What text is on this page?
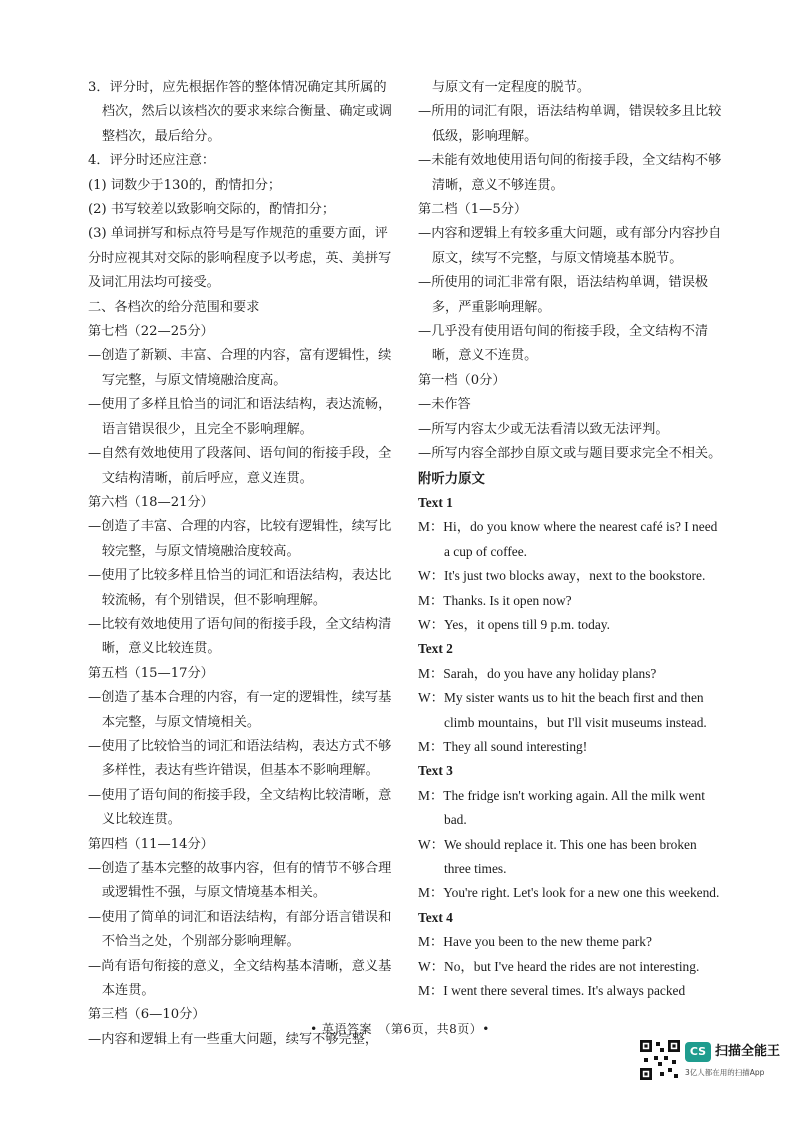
3．评分时，应先根据作答的整体情况确定其所属的档次，然后以该档次的要求来综合衡量、确定或调整档次，最后给分。

4．评分时还应注意：

(1) 词数少于130的，酌情扣分；

(2) 书写较差以致影响交际的，酌情扣分；

(3) 单词拼写和标点符号是写作规范的重要方面，评分时应视其对交际的影响程度予以考虑，英、美拼写及词汇用法均可接受。

二、各档次的给分范围和要求

第七档（22—25分）

—创造了新颖、丰富、合理的内容，富有逻辑性，续写完整，与原文情境融洽度高。

—使用了多样且恰当的词汇和语法结构，表达流畅，语言错误很少，且完全不影响理解。

—自然有效地使用了段落间、语句间的衔接手段，全文结构清晰，前后呼应，意义连贯。

第六档（18—21分）

—创造了丰富、合理的内容，比较有逻辑性，续写比较完整，与原文情境融洽度较高。

—使用了比较多样且恰当的词汇和语法结构，表达比较流畅，有个别错误，但不影响理解。

—比较有效地使用了语句间的衔接手段，全文结构清晰，意义比较连贯。

第五档（15—17分）

—创造了基本合理的内容，有一定的逻辑性，续写基本完整，与原文情境相关。

—使用了比较恰当的词汇和语法结构，表达方式不够多样性，表达有些许错误，但基本不影响理解。

—使用了语句间的衔接手段，全文结构比较清晰，意义比较连贯。

第四档（11—14分）

—创造了基本完整的故事内容，但有的情节不够合理或逻辑性不强，与原文情境基本相关。

—使用了简单的词汇和语法结构，有部分语言错误和不恰当之处，个别部分影响理解。

—尚有语句衔接的意义，全文结构基本清晰，意义基本连贯。

第三档（6—10分）

—内容和逻辑上有一些重大问题，续写不够完整，

与原文有一定程度的脱节。

—所用的词汇有限，语法结构单调，错误较多且比较低级，影响理解。

—未能有效地使用语句间的衔接手段，全文结构不够清晰，意义不够连贯。

第二档（1—5分）

—内容和逻辑上有较多重大问题，或有部分内容抄自原文，续写不完整，与原文情境基本脱节。

—所使用的词汇非常有限，语法结构单调，错误极多，严重影响理解。

—几乎没有使用语句间的衔接手段，全文结构不清晰，意义不连贯。

第一档（0分）

—未作答

—所写内容太少或无法看清以致无法评判。

—所写内容全部抄自原文或与题目要求完全不相关。

附听力原文

Text 1

M：Hi，do you know where the nearest café is? I need a cup of coffee.

W：It's just two blocks away，next to the bookstore.

M：Thanks. Is it open now?

W：Yes，it opens till 9 p.m. today.

Text 2

M：Sarah，do you have any holiday plans?

W：My sister wants us to hit the beach first and then climb mountains，but I'll visit museums instead.

M：They all sound interesting!

Text 3

M：The fridge isn't working again. All the milk went bad.

W：We should replace it. This one has been broken three times.

M：You're right. Let's look for a new one this weekend.

Text 4

M：Have you been to the new theme park?

W：No，but I've heard the rides are not interesting.

M：I went there several times. It's always packed

• 英语答案　（第6页，共8页）•
CS 扫描全能王
3亿人都在用的扫描App
